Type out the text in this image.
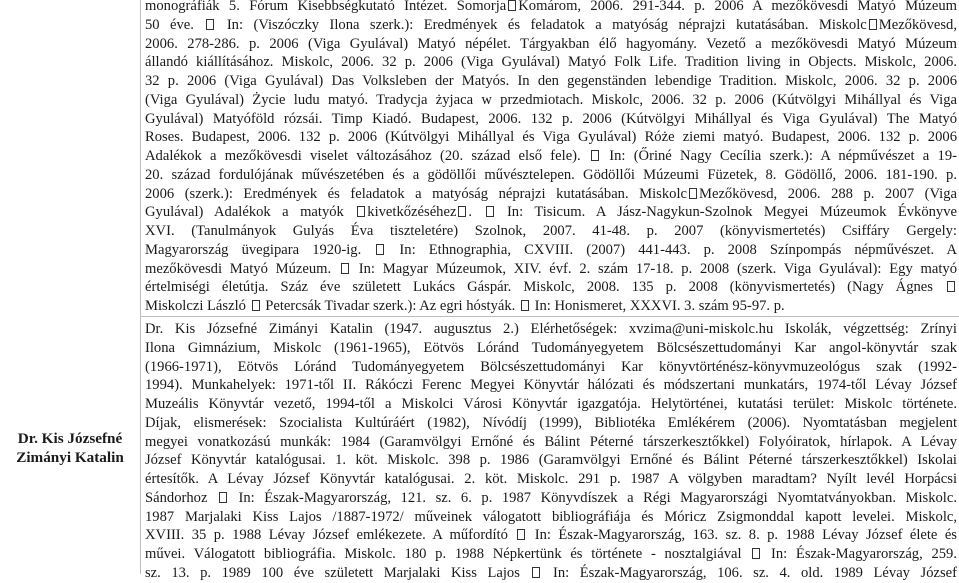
Dr. Kis Józsefné Zimányi Katalin
monográfiák 5. Fórum Kisebbségkutató Intézet. Somorja Komárom, 2006. 291-344. p. 2006 A mezőkövesdi Matyó Múzeum
50 éve.  In: (Viszóczky Ilona szerk.): Eredmények és feladatok a matyóság néprajzi kutatásában. Miskolc Mezőkövesd,
2006. 278-286. p. 2006 (Viga Gyulával) Matyó népélet. Tárgyakban élő hagyomány. Vezető a mezőkövesdi Matyó Múzeum
állandó kiállításához. Miskolc, 2006. 32 p. 2006 (Viga Gyulával) Matyó Folk Life. Tradition living in Objects. Miskolc, 2006.
32 p. 2006 (Viga Gyulával) Das Volksleben der Matyós. In den gegenständen lebendige Tradition. Miskolc, 2006. 32 p. 2006
(Viga Gyulával) Życie ludu matyó. Tradycja żyjaca w przedmiotach. Miskolc, 2006. 32 p. 2006 (Kútvölgyi Mihállyal és Viga
Gyulával) Matyóföld rózsái. Timp Kiadó. Budapest, 2006. 132 p. 2006 (Kútvölgyi Mihállyal és Viga Gyulával) The Matyó
Roses. Budapest, 2006. 132 p. 2006 (Kútvölgyi Mihállyal és Viga Gyulával) Róże ziemi matyó. Budapest, 2006. 132 p. 2006
Adalékok a mezőkövesdi viselet változásához (20. század első fele).  In: (Őriné Nagy Cecília szerk.): A népművészet a 19-
20. század fordulójának művészetében és a gödöllői művésztelepen. Gödöllői Múzeumi Füzetek, 8. Gödöllő, 2006. 181-190. p.
2006 (szerk.): Eredmények és feladatok a matyóság néprajzi kutatásában. Miskolc Mezőkövesd, 2006. 288 p. 2007 (Viga
Gyulával) Adalékok a matyók kivetkőzéséhez .  In: Tisicum. A Jász-Nagykun-Szolnok Megyei Múzeumok Évkönyve
XVI. (Tanulmányok Gulyás Éva tiszteletére) Szolnok, 2007. 41-48. p. 2007 (könyvismertetés) Csiffáry Gergely:
Magyarország üvegipara 1920-ig.  In: Ethnographia, CXVIII. (2007) 441-443. p. 2008 Színpompás népművészet. A
mezőkövesdi Matyó Múzeum.  In: Magyar Múzeumok, XIV. évf. 2. szám 17-18. p. 2008 (szerk. Viga Gyulával): Egy matyó
értelmiségi életútja. Száz éve született Lukács Gáspár. Miskolc, 2008. 135 p. 2008 (könyvismertetés) (Nagy Ágnes
Miskolczi László  Petercsák Tivadar szerk.): Az egri hóstyák.  In: Honismeret, XXXVI. 3. szám 95-97. p.
Dr. Kis Józsefné Zimányi Katalin (1947. augusztus 2.) Elérhetőségek: xvzima@uni-miskolc.hu Iskolák, végzettség: Zrínyi
Ilona Gimnázium, Miskolc (1961-1965), Eötvös Lóránd Tudományegyetem Bölcsészettudományi Kar angol-könyvtár szak
(1966-1971), Eötvös Lóránd Tudományegyetem Bölcsészettudományi Kar könyvtörténész-könyvmuzeológus szak (1992-
1994). Munkahelyek: 1971-től II. Rákóczi Ferenc Megyei Könyvtár hálózati és módszertani munkatárs, 1974-től Lévay József
Muzeális Könyvtár vezető, 1994-től a Miskolci Városi Könyvtár igazgatója. Helytörténei, kutatási terület: Miskolc története.
Díjak, elismerések: Szocialista Kultúráért (1982), Nívódíj (1999), Bibliotéka Emlékérem (2006). Nyomtatásban megjelent
megyei vonatkozású munkák: 1984 (Garamvölgyi Ernőné és Bálint Péterné társzerkesztőkkel) Folyóiratok, hírlapok. A Lévay
József Könyvtár katalógusai. 1. köt. Miskolc. 398 p. 1986 (Garamvölgyi Ernőné és Bálint Péterné társzerkesztőkkel) Iskolai
értesítők. A Lévay József Könyvtár katalógusai. 2. köt. Miskolc. 291 p. 1987 A völgyben maradtam? Nyílt levél Horpácsi
Sándorhoz  In: Észak-Magyarország, 121. sz. 6. p. 1987 Könyvdíszek a Régi Magyarországi Nyomtatványokban. Miskolc.
1987 Marjalaki Kiss Lajos /1887-1972/ műveinek válogatott bibliográfiája és Móricz Zsigmonddal kapott levelei. Miskolc,
XVIII. 35 p. 1988 Lévay József emlékezete. A műfordító  In: Észak-Magyarország, 163. sz. 8. p. 1988 Lévay József élete és
művei. Válogatott bibliográfia. Miskolc. 180 p. 1988 Népkertünk és története - nosztalgiával  In: Észak-Magyarország, 259.
sz. 13. p. 1989 100 éve született Marjalaki Kiss Lajos  In: Észak-Magyarország, 106. sz. 4. old. 1989 Lévay József
